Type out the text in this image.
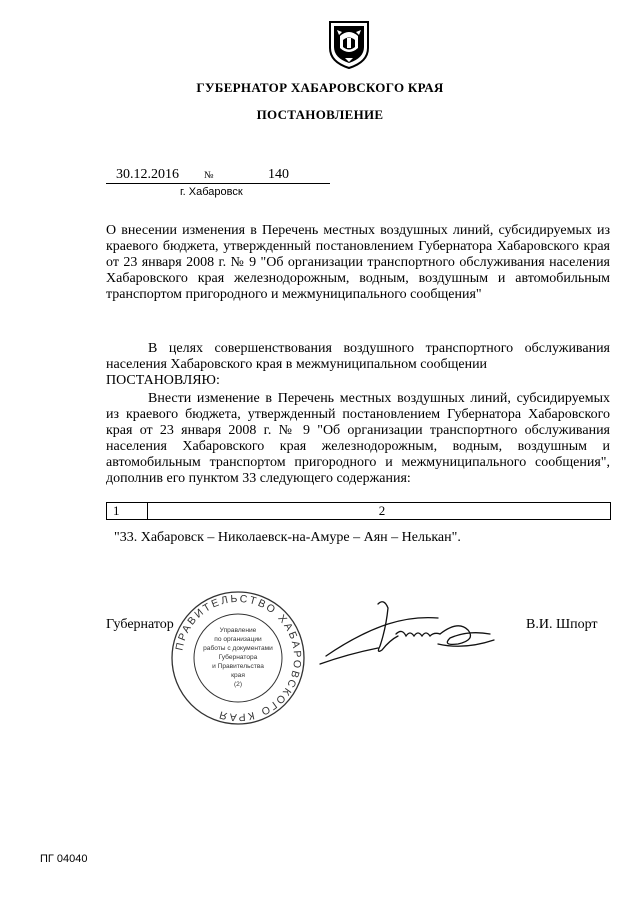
ГУБЕРНАТОР ХАБАРОВСКОГО КРАЯ
ПОСТАНОВЛЕНИЕ
30.12.2016	№	140
г. Хабаровск
О внесении изменения в Перечень местных воздушных линий, субсидируемых из краевого бюджета, утвержденный постановлением Губернатора Хабаровского края от 23 января 2008 г. № 9 "Об организации транспортного обслуживания населения Хабаровского края железнодорожным, водным, воздушным и автомобильным транспортом пригородного и межмуниципального сообщения"
В целях совершенствования воздушного транспортного обслуживания населения Хабаровского края в межмуниципальном сообщении
ПОСТАНОВЛЯЮ:
Внести изменение в Перечень местных воздушных линий, субсидируемых из краевого бюджета, утвержденный постановлением Губернатора Хабаровского края от 23 января 2008 г. № 9 "Об организации транспортного обслуживания населения Хабаровского края железнодорожным, водным, воздушным и автомобильным транспортом пригородного и межмуниципального сообщения", дополнив его пунктом 33 следующего содержания:
1	2
"33. Хабаровск – Николаевск-на-Амуре – Аян – Нелькан".
Губернатор	В.И. Шпорт
ПРАВИТЕЛЬСТВО ХАБАРОВСКОГО КРАЯ
Управление
по организации
работы с документами
Губернатора
и Правительства
края
(2)
ПГ 04040
